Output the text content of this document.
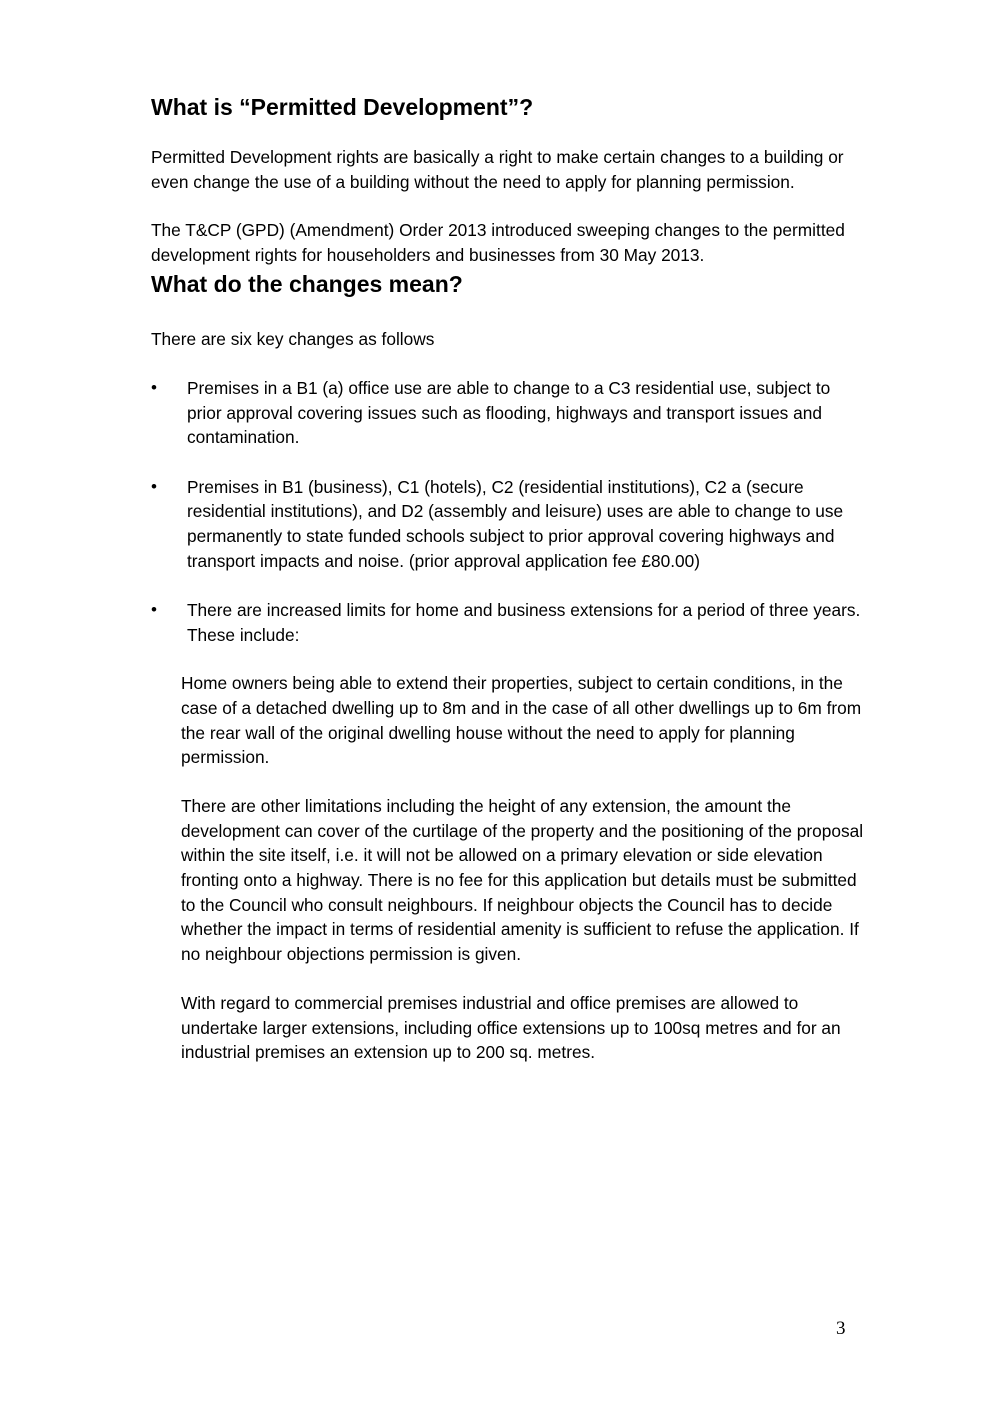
What is “Permitted Development”?

Permitted Development rights are basically a right to make certain changes to a building or even change the use of a building without the need to apply for planning permission.

The T&CP (GPD) (Amendment) Order 2013 introduced sweeping changes to the permitted development rights for householders and businesses from 30 May 2013.

What do the changes mean?

There are six key changes as follows

• Premises in a B1 (a) office use are able to change to a C3 residential use, subject to prior approval covering issues such as flooding, highways and transport issues and contamination.
• Premises in B1 (business), C1 (hotels), C2 (residential institutions), C2 a (secure residential institutions), and D2 (assembly and leisure) uses are able to change to use permanently to state funded schools subject to prior approval covering highways and transport impacts and noise. (prior approval application fee £80.00)
• There are increased limits for home and business extensions for a period of three years. These include:

Home owners being able to extend their properties, subject to certain conditions, in the case of a detached dwelling up to 8m and in the case of all other dwellings up to 6m from the rear wall of the original dwelling house without the need to apply for planning permission.

There are other limitations including the height of any extension, the amount the development can cover of the curtilage of the property and the positioning of the proposal within the site itself, i.e. it will not be allowed on a primary elevation or side elevation fronting onto a highway. There is no fee for this application but details must be submitted to the Council who consult neighbours. If neighbour objects the Council has to decide whether the impact in terms of residential amenity is sufficient to refuse the application. If no neighbour objections permission is given.

With regard to commercial premises industrial and office premises are allowed to undertake larger extensions, including office extensions up to 100sq metres and for an industrial premises an extension up to 200 sq. metres.

3
